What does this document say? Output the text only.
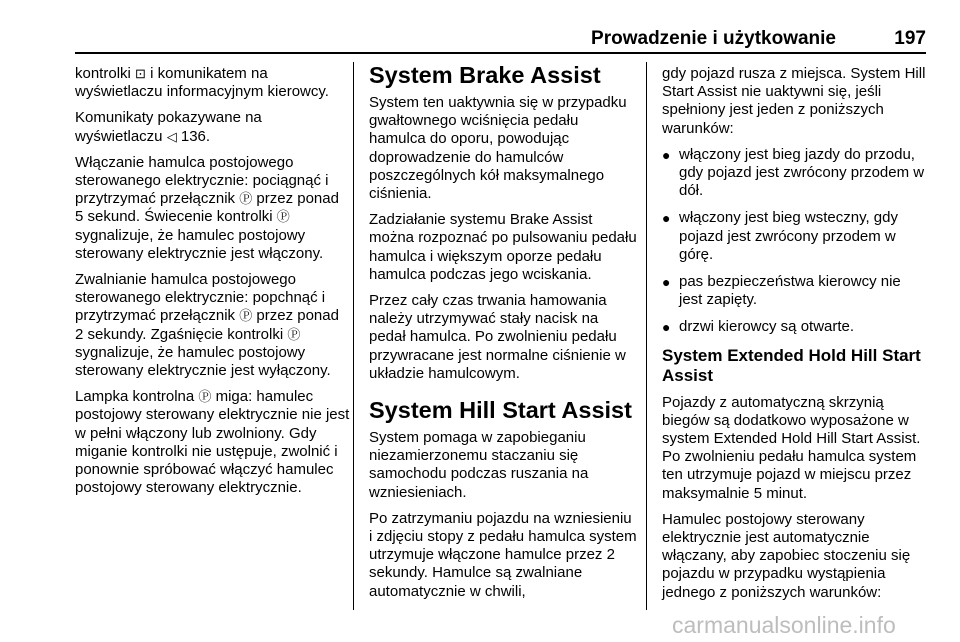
Prowadzenie i użytkowanie	197

kontrolki ⊡ i komunikatem na wyświetlaczu informacyjnym kierowcy.

Komunikaty pokazywane na wyświetlaczu ◁ 136.

Włączanie hamulca postojowego sterowanego elektrycznie: pociągnąć i przytrzymać przełącznik Ⓟ przez ponad 5 sekund. Świecenie kontrolki Ⓟ sygnalizuje, że hamulec postojowy sterowany elektrycznie jest włączony.

Zwalnianie hamulca postojowego sterowanego elektrycznie: popchnąć i przytrzymać przełącznik Ⓟ przez ponad 2 sekundy. Zgaśnięcie kontrolki Ⓟ sygnalizuje, że hamulec postojowy sterowany elektrycznie jest wyłączony.

Lampka kontrolna Ⓟ miga: hamulec postojowy sterowany elektrycznie nie jest w pełni włączony lub zwolniony. Gdy miganie kontrolki nie ustępuje, zwolnić i ponownie spróbować włączyć hamulec postojowy sterowany elektrycznie.

System Brake Assist

System ten uaktywnia się w przypadku gwałtownego wciśnięcia pedału hamulca do oporu, powodując doprowadzenie do hamulców poszczególnych kół maksymalnego ciśnienia.

Zadziałanie systemu Brake Assist można rozpoznać po pulsowaniu pedału hamulca i większym oporze pedału hamulca podczas jego wciskania.

Przez cały czas trwania hamowania należy utrzymywać stały nacisk na pedał hamulca. Po zwolnieniu pedału przywracane jest normalne ciśnienie w układzie hamulcowym.

System Hill Start Assist

System pomaga w zapobieganiu niezamierzonemu staczaniu się samochodu podczas ruszania na wzniesieniach.

Po zatrzymaniu pojazdu na wzniesieniu i zdjęciu stopy z pedału hamulca system utrzymuje włączone hamulce przez 2 sekundy. Hamulce są zwalniane automatycznie w chwili,

gdy pojazd rusza z miejsca. System Hill Start Assist nie uaktywni się, jeśli spełniony jest jeden z poniższych warunków:

● włączony jest bieg jazdy do przodu, gdy pojazd jest zwrócony przodem w dół.
● włączony jest bieg wsteczny, gdy pojazd jest zwrócony przodem w górę.
● pas bezpieczeństwa kierowcy nie jest zapięty.
● drzwi kierowcy są otwarte.
System Extended Hold Hill Start Assist

Pojazdy z automatyczną skrzynią biegów są dodatkowo wyposażone w system Extended Hold Hill Start Assist. Po zwolnieniu pedału hamulca system ten utrzymuje pojazd w miejscu przez maksymalnie 5 minut.

Hamulec postojowy sterowany elektrycznie jest automatycznie włączany, aby zapobiec stoczeniu się pojazdu w przypadku wystąpienia jednego z poniższych warunków:

carmanualsonline.info
